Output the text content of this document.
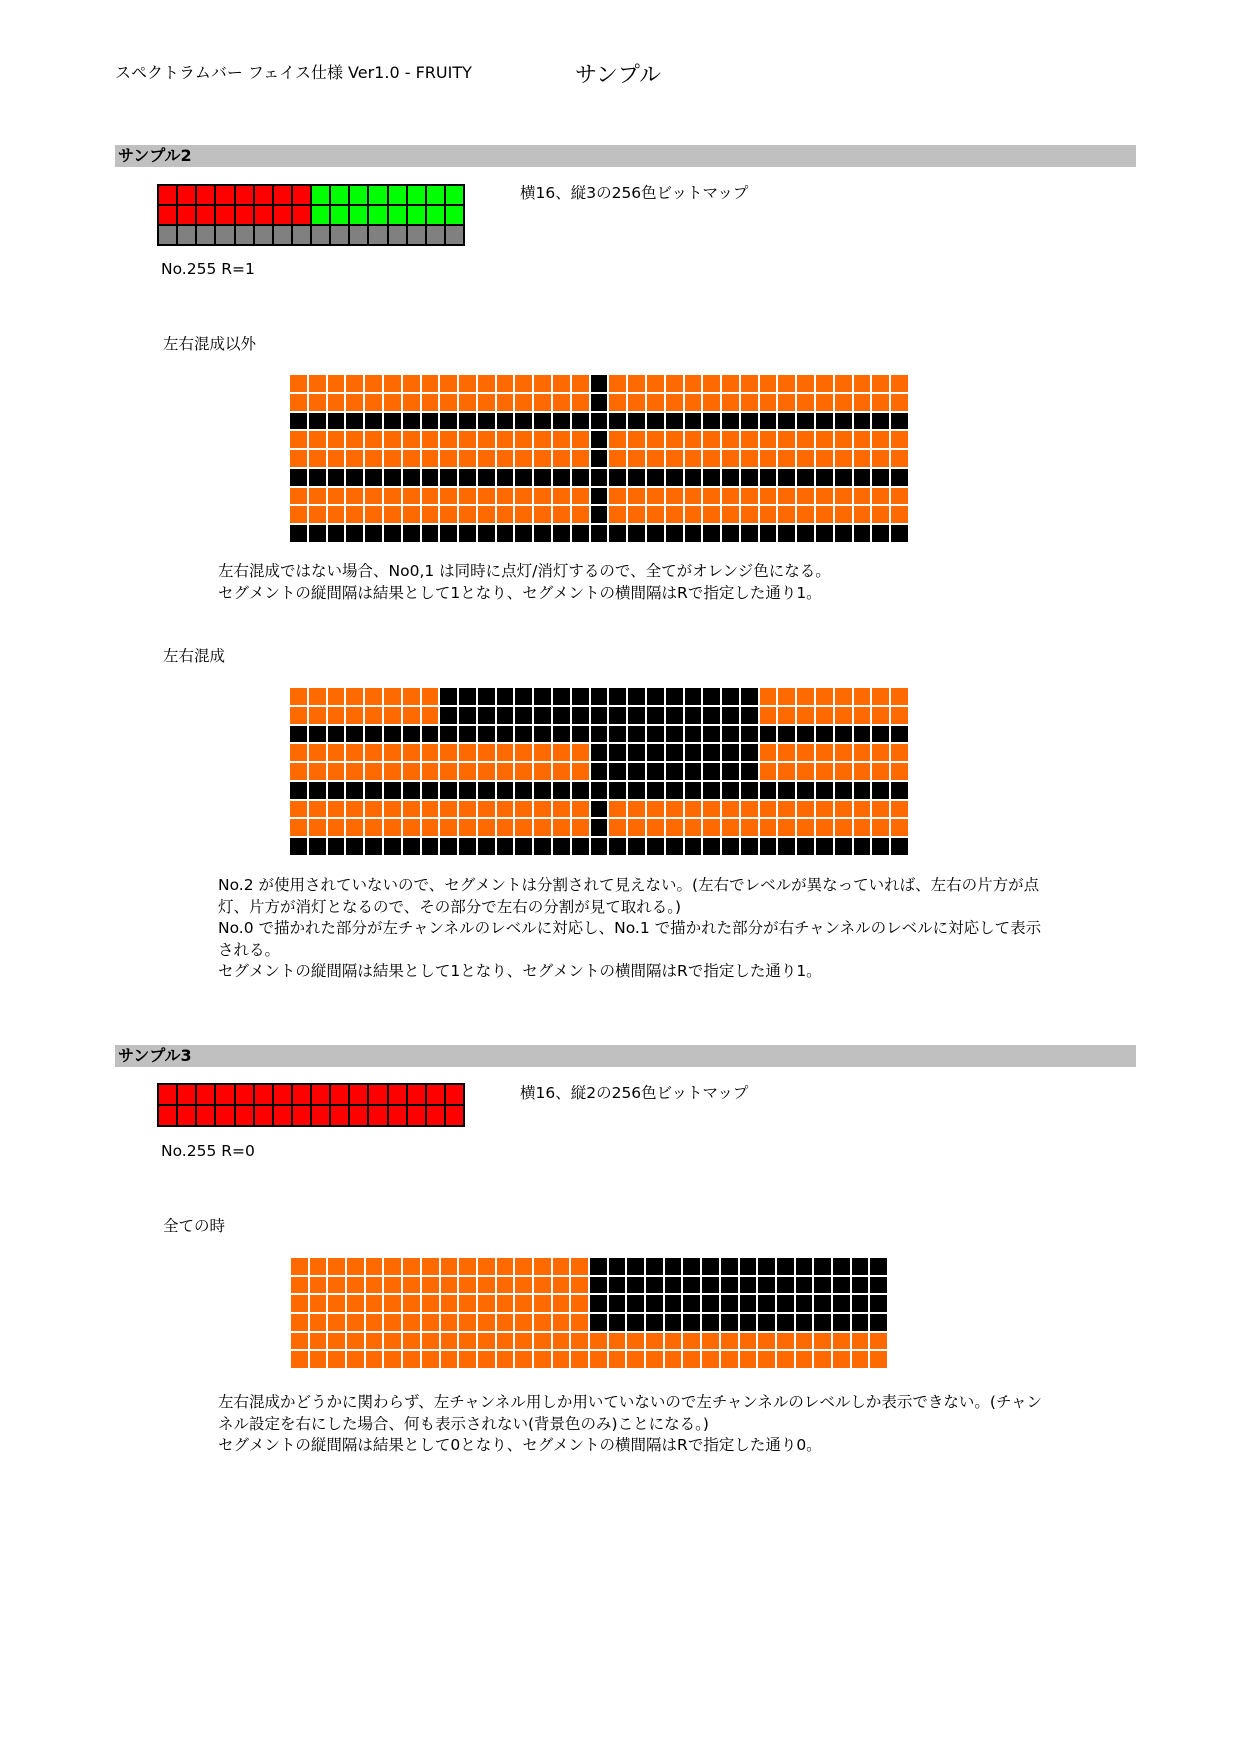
スペクトラムバー フェイス仕様 Ver1.0 - FRUITY	サンプル
サンプル2
横16、縦3の256色ビットマップ
No.255 R=1
左右混成以外
左右混成ではない場合、No0,1 は同時に点灯/消灯するので、全てがオレンジ色になる。
セグメントの縦間隔は結果として1となり、セグメントの横間隔はRで指定した通り1。
左右混成
No.2 が使用されていないので、セグメントは分割されて見えない。(左右でレベルが異なっていれば、左右の片方が点
灯、片方が消灯となるので、その部分で左右の分割が見て取れる。)
No.0 で描かれた部分が左チャンネルのレベルに対応し、No.1 で描かれた部分が右チャンネルのレベルに対応して表示
される。
セグメントの縦間隔は結果として1となり、セグメントの横間隔はRで指定した通り1。
サンプル3
横16、縦2の256色ビットマップ
No.255 R=0
全ての時
左右混成かどうかに関わらず、左チャンネル用しか用いていないので左チャンネルのレベルしか表示できない。(チャン
ネル設定を右にした場合、何も表示されない(背景色のみ)ことになる。)
セグメントの縦間隔は結果として0となり、セグメントの横間隔はRで指定した通り0。
